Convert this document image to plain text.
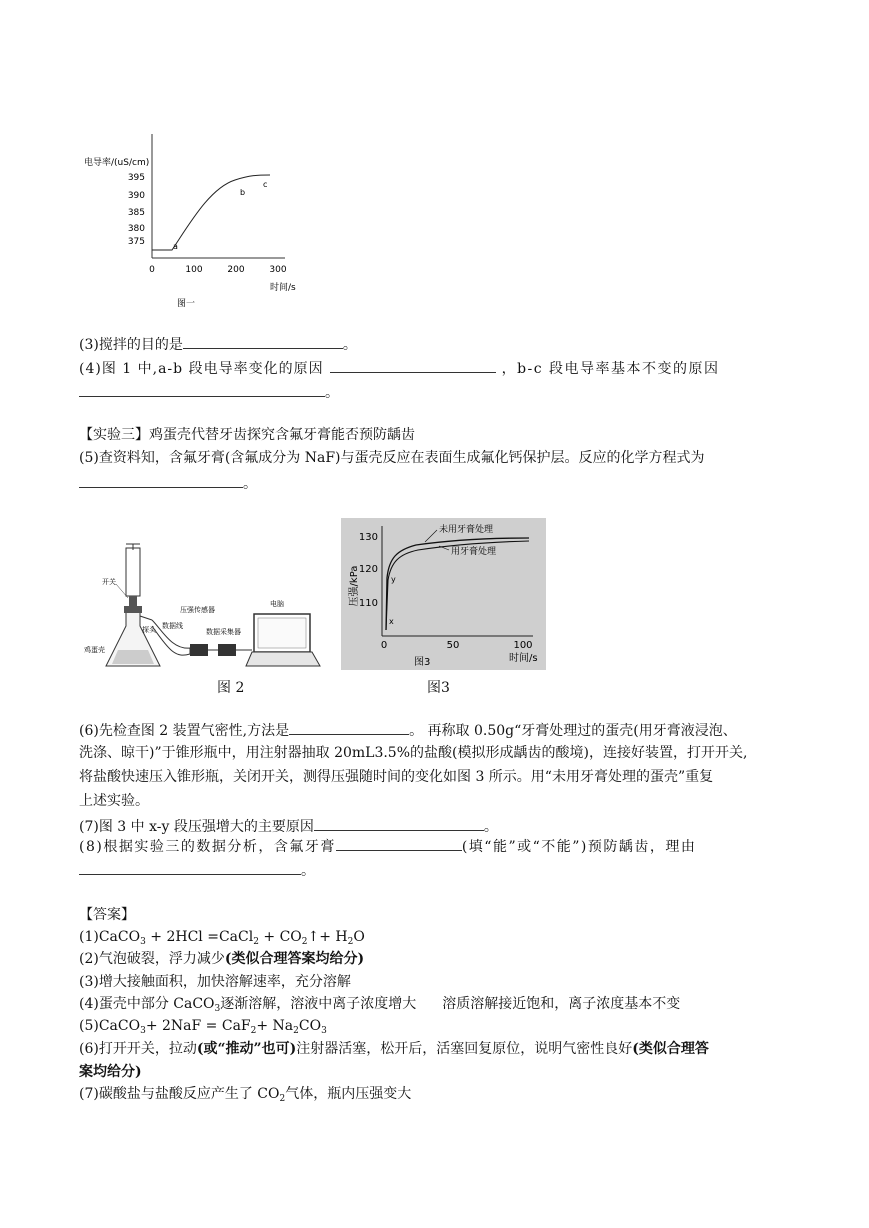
电导率/(uS/cm)
395
390
385
380
375
0	100	200	300
时间/s
图一
a
b
c
(3)搅拌的目的是	。
(4)图 1 中,a-b 段电导率变化的原因	，b-c 段电导率基本不变的原因
。
【实验三】鸡蛋壳代替牙齿探究含氟牙膏能否预防龋齿
(5)查资料知，含氟牙膏(含氟成分为 NaF)与蛋壳反应在表面生成氟化钙保护层。反应的化学方程式为
。
开关
鸡蛋壳
探头 数据线
压强传感器
数据采集器
电脑
图 2
压强/kPa
130
120
110
0	50	100
时间/s
图3
未用牙膏处理
用牙膏处理
x
y
图3
(6)先检查图 2 装置气密性,方法是	。 再称取 0.50g“牙膏处理过的蛋壳(用牙膏液浸泡、
洗涤、晾干)”于锥形瓶中，用注射器抽取 20mL3.5%的盐酸(模拟形成龋齿的酸境)，连接好装置，打开开关,
将盐酸快速压入锥形瓶，关闭开关，测得压强随时间的变化如图 3 所示。用“未用牙膏处理的蛋壳”重复
上述实验。
(7)图 3 中 x-y 段压强增大的主要原因	。
(8)根据实验三的数据分析，含氟牙膏	(填“能”或“不能”)预防龋齿，理由
。
【答案】
(1)CaCO$_3$ + 2HCl =CaCl$_2$ + $CO_2↑+ H_2O$
(2)气泡破裂，浮力减少(类似合理答案均给分)
(3)增大接触面积，加快溶解速率，充分溶解
(4)蛋壳中部分 CaCO$_3$逐渐溶解，溶液中离子浓度增大 溶质溶解接近饱和，离子浓度基本不变
(5)CaCO$_3$+ $2NaF = CaF_2+ Na_2CO_3$
(6)打开开关，拉动(或“推动”也可)注射器活塞，松开后，活塞回复原位，说明气密性良好(类似合理答
案均给分)
(7)碳酸盐与盐酸反应产生了 $CO_2$气体，瓶内压强变大
